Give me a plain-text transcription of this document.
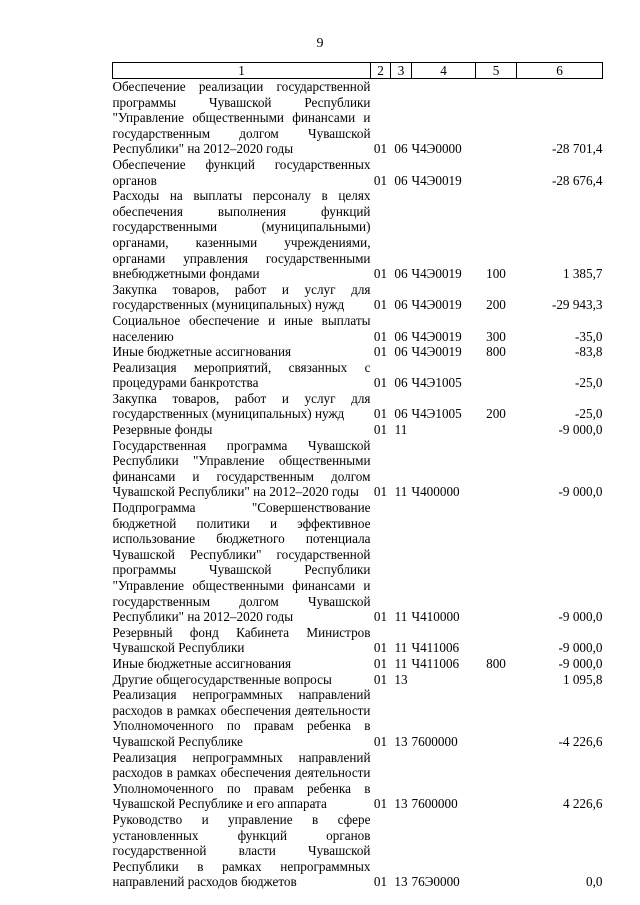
9
1	2	3	4	5	6
Обеспечение реализации государственной программы Чувашской Республики "Управление общественными финансами и государственным долгом Чувашской Республики" на 2012–2020 годы	01	06	Ч4Э0000		-28 701,4
Обеспечение функций государственных органов	01	06	Ч4Э0019		-28 676,4
Расходы на выплаты персоналу в целях обеспечения выполнения функций государственными (муниципальными) органами, казенными учреждениями, органами управления государственными внебюджетными фондами	01	06	Ч4Э0019	100	1 385,7
Закупка товаров, работ и услуг для государственных (муниципальных) нужд	01	06	Ч4Э0019	200	-29 943,3
Социальное обеспечение и иные выплаты населению	01	06	Ч4Э0019	300	-35,0
Иные бюджетные ассигнования	01	06	Ч4Э0019	800	-83,8
Реализация мероприятий, связанных с процедурами банкротства	01	06	Ч4Э1005		-25,0
Закупка товаров, работ и услуг для государственных (муниципальных) нужд	01	06	Ч4Э1005	200	-25,0
Резервные фонды	01	11			-9 000,0
Государственная программа Чувашской Республики "Управление общественными финансами и государственным долгом Чувашской Республики" на 2012–2020 годы	01	11	Ч400000		-9 000,0
Подпрограмма "Совершенствование бюджетной политики и эффективное использование бюджетного потенциала Чувашской Республики" государственной программы Чувашской Республики "Управление общественными финансами и государственным долгом Чувашской Республики" на 2012–2020 годы	01	11	Ч410000		-9 000,0
Резервный фонд Кабинета Министров Чувашской Республики	01	11	Ч411006		-9 000,0
Иные бюджетные ассигнования	01	11	Ч411006	800	-9 000,0
Другие общегосударственные вопросы	01	13			1 095,8
Реализация непрограммных направлений расходов в рамках обеспечения деятельности Уполномоченного по правам ребенка в Чувашской Республике	01	13	7600000		-4 226,6
Реализация непрограммных направлений расходов в рамках обеспечения деятельности Уполномоченного по правам ребенка в Чувашской Республике и его аппарата	01	13	7600000		4 226,6
Руководство и управление в сфере установленных функций органов государственной власти Чувашской Республики в рамках непрограммных направлений расходов бюджетов	01	13	76Э0000		0,0
